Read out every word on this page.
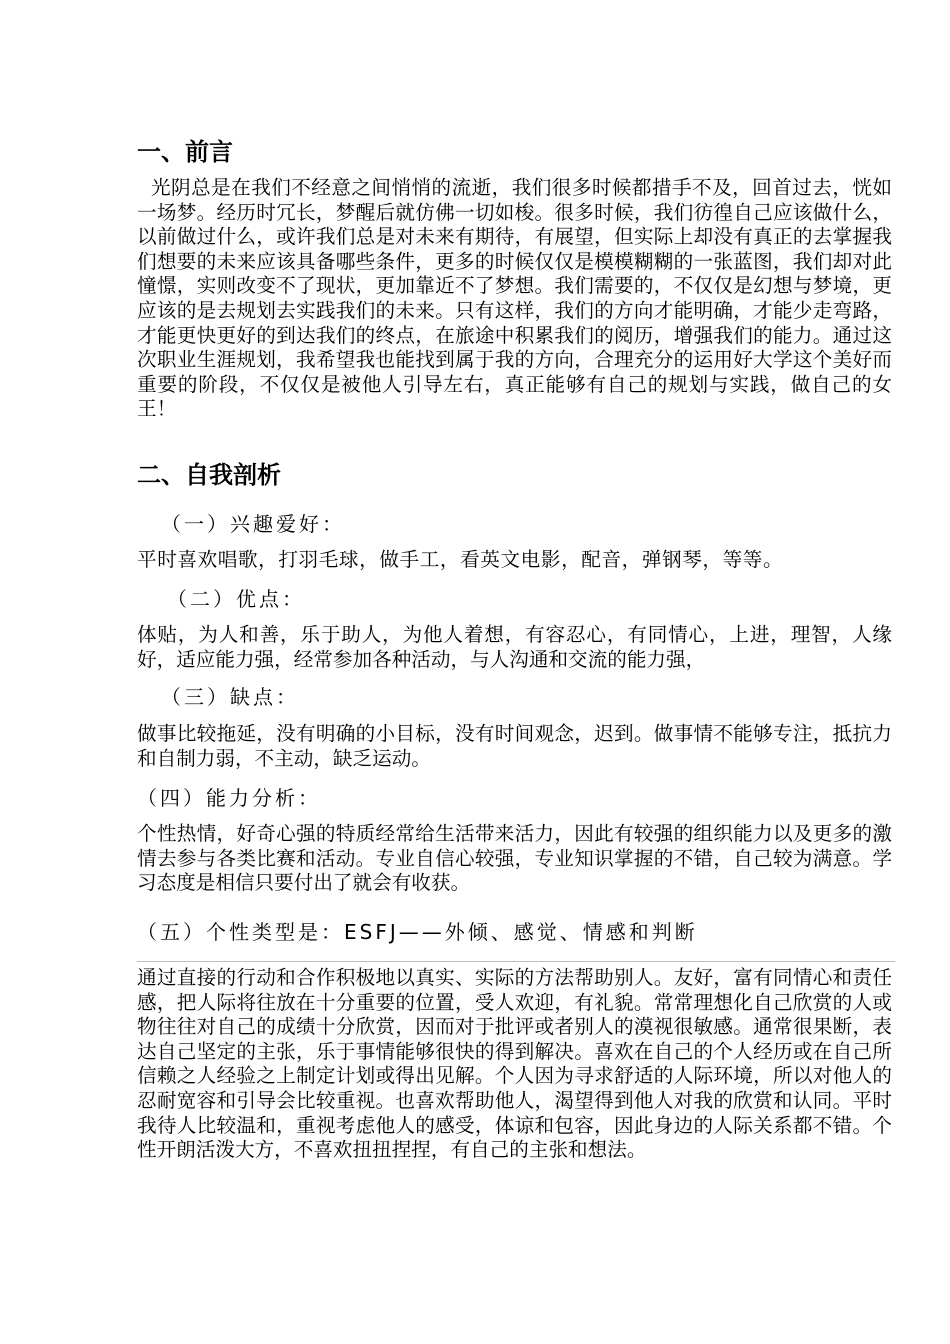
一、前言
光阴总是在我们不经意之间悄悄的流逝，我们很多时候都措手不及，回首过去，恍如一场梦。经历时冗长，梦醒后就仿佛一切如梭。很多时候，我们彷徨自己应该做什么，以前做过什么，或许我们总是对未来有期待，有展望，但实际上却没有真正的去掌握我们想要的未来应该具备哪些条件，更多的时候仅仅是模模糊糊的一张蓝图，我们却对此憧憬，实则改变不了现状，更加靠近不了梦想。我们需要的，不仅仅是幻想与梦境，更应该的是去规划去实践我们的未来。只有这样，我们的方向才能明确，才能少走弯路，才能更快更好的到达我们的终点，在旅途中积累我们的阅历，增强我们的能力。通过这次职业生涯规划，我希望我也能找到属于我的方向，合理充分的运用好大学这个美好而重要的阶段，不仅仅是被他人引导左右，真正能够有自己的规划与实践，做自己的女王！
二、自我剖析
（一）兴趣爱好：
平时喜欢唱歌，打羽毛球，做手工，看英文电影，配音，弹钢琴，等等。
（二）优点：
体贴，为人和善，乐于助人，为他人着想，有容忍心，有同情心，上进，理智，人缘好，适应能力强，经常参加各种活动，与人沟通和交流的能力强，
（三）缺点：
做事比较拖延，没有明确的小目标，没有时间观念，迟到。做事情不能够专注，抵抗力和自制力弱，不主动，缺乏运动。
（四）能力分析：
个性热情，好奇心强的特质经常给生活带来活力，因此有较强的组织能力以及更多的激情去参与各类比赛和活动。专业自信心较强，专业知识掌握的不错，自己较为满意。学习态度是相信只要付出了就会有收获。
（五）个性类型是：ESFJ——外倾、感觉、情感和判断
通过直接的行动和合作积极地以真实、实际的方法帮助别人。友好，富有同情心和责任感，把人际将往放在十分重要的位置，受人欢迎，有礼貌。常常理想化自己欣赏的人或物往往对自己的成绩十分欣赏，因而对于批评或者别人的漠视很敏感。通常很果断，表达自己坚定的主张，乐于事情能够很快的得到解决。喜欢在自己的个人经历或在自己所信赖之人经验之上制定计划或得出见解。个人因为寻求舒适的人际环境，所以对他人的忍耐宽容和引导会比较重视。也喜欢帮助他人，渴望得到他人对我的欣赏和认同。平时我待人比较温和，重视考虑他人的感受，体谅和包容，因此身边的人际关系都不错。个性开朗活泼大方，不喜欢扭扭捏捏，有自己的主张和想法。
